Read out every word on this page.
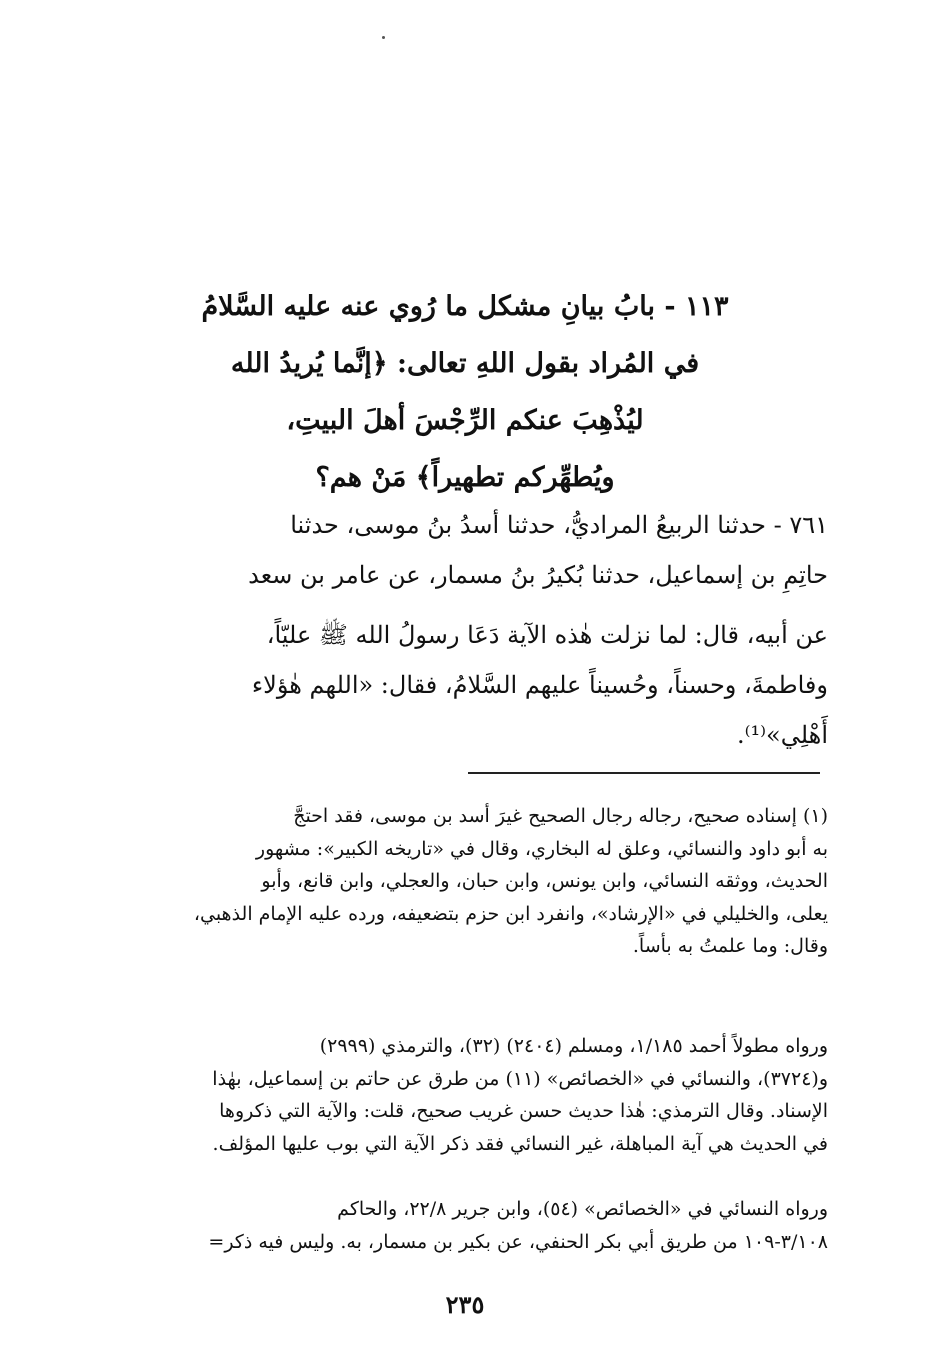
١١٣ - بابُ بيانِ مشكل ما رُوي عنه عليه السَّلامُ
في المُراد بقول اللهِ تعالى: ﴿إنَّما يُريدُ الله
ليُذْهِبَ عنكم الرِّجْسَ أهلَ البيتِ،
ويُطهِّركم تطهيراً﴾ مَنْ هم؟
٧٦١ - حدثنا الربيعُ المراديُّ، حدثنا أسدُ بنُ موسى، حدثنا
حاتِمِ بن إسماعيل، حدثنا بُكيرُ بنُ مسمار، عن عامر بن سعد
عن أبيه، قال: لما نزلت هٰذه الآية دَعَا رسولُ الله ﷺ عليّاً،
وفاطمةَ، وحسناً، وحُسيناً عليهم السَّلامُ، فقال: «اللهم هٰؤلاء
أَهْلِي»⁽¹⁾.
(١) إسناده صحيح، رجاله رجال الصحيح غيرَ أسد بن موسى، فقد احتجَّ
به أبو داود والنسائي، وعلق له البخاري، وقال في «تاريخه الكبير»: مشهور
الحديث، ووثقه النسائي، وابن يونس، وابن حبان، والعجلي، وابن قانع، وأبو
يعلى، والخليلي في «الإرشاد»، وانفرد ابن حزم بتضعيفه، ورده عليه الإمام الذهبي،
وقال: وما علمتُ به بأساً.
ورواه مطولاً أحمد ١/١٨٥، ومسلم (٢٤٠٤) (٣٢)، والترمذي (٢٩٩٩)
و(٣٧٢٤)، والنسائي في «الخصائص» (١١) من طرق عن حاتم بن إسماعيل، بهٰذا
الإسناد. وقال الترمذي: هٰذا حديث حسن غريب صحيح، قلت: والآية التي ذكروها
في الحديث هي آية المباهلة، غير النسائي فقد ذكر الآية التي بوب عليها المؤلف.
ورواه النسائي في «الخصائص» (٥٤)، وابن جرير ٢٢/٨، والحاكم
٣/١٠٨-١٠٩ من طريق أبي بكر الحنفي، عن بكير بن مسمار، به. وليس فيه ذكر=
٢٣٥
